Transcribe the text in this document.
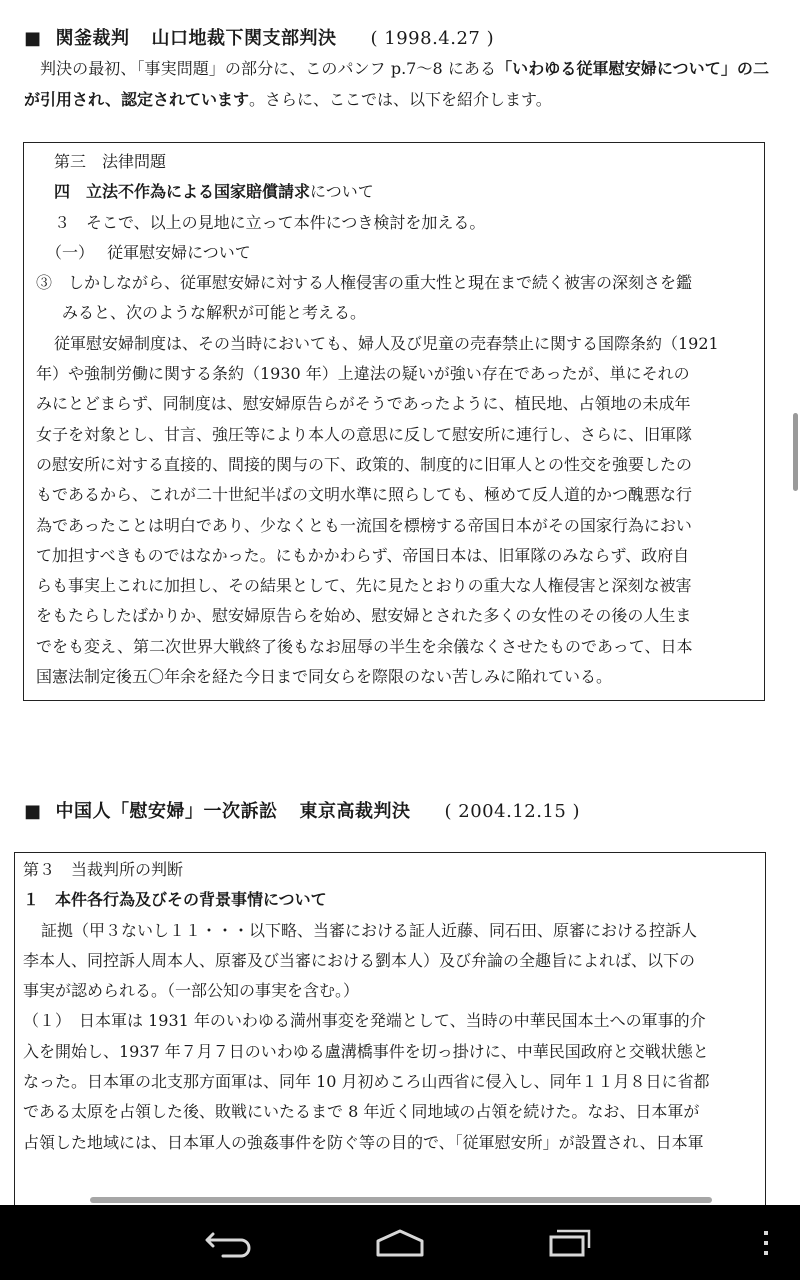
■ 関釜裁判 山口地裁下関支部判決 ( 1998.4.27 )
判決の最初、「事実問題」の部分に、このパンフ p.7〜8 にある「いわゆる従軍慰安婦について」の二　が引用され、認定されています。さらに、ここでは、以下を紹介します。
第三　法律問題
四　立法不作為による国家賠償請求について
３　そこで、以上の見地に立って本件につき検討を加える。
（一）　 従軍慰安婦について
③　しかしながら、従軍慰安婦に対する人権侵害の重大性と現在まで続く被害の深刻さを鑑
みると、次のような解釈が可能と考える。
従軍慰安婦制度は、その当時においても、婦人及び児童の売春禁止に関する国際条約（1921
年）や強制労働に関する条約（1930 年）上違法の疑いが強い存在であったが、単にそれの
みにとどまらず、同制度は、慰安婦原告らがそうであったように、植民地、占領地の未成年
女子を対象とし、甘言、強圧等により本人の意思に反して慰安所に連行し、さらに、旧軍隊
の慰安所に対する直接的、間接的関与の下、政策的、制度的に旧軍人との性交を強要したの
もであるから、これが二十世紀半ばの文明水準に照らしても、極めて反人道的かつ醜悪な行
為であったことは明白であり、少なくとも一流国を標榜する帝国日本がその国家行為におい
て加担すべきものではなかった。にもかかわらず、帝国日本は、旧軍隊のみならず、政府自
らも事実上これに加担し、その結果として、先に見たとおりの重大な人権侵害と深刻な被害
をもたらしたばかりか、慰安婦原告らを始め、慰安婦とされた多くの女性のその後の人生ま
でをも変え、第二次世界大戦終了後もなお屈辱の半生を余儀なくさせたものであって、日本
国憲法制定後五〇年余を経た今日まで同女らを際限のない苦しみに陥れている。
■ 中国人「慰安婦」一次訴訟 東京高裁判決 ( 2004.12.15 )
第３　当裁判所の判断
１　本件各行為及びその背景事情について
証拠（甲３ないし１１・・・以下略、当審における証人近藤、同石田、原審における控訴人
李本人、同控訴人周本人、原審及び当審における劉本人）及び弁論の全趣旨によれば、以下の
事実が認められる。（一部公知の事実を含む。）
（１）　日本軍は 1931 年のいわゆる満州事変を発端として、当時の中華民国本土への軍事的介
入を開始し、1937 年７月７日のいわゆる盧溝橋事件を切っ掛けに、中華民国政府と交戦状態と
なった。日本軍の北支那方面軍は、同年 10 月初めころ山西省に侵入し、同年１１月８日に省都
である太原を占領した後、敗戦にいたるまで 8 年近く同地域の占領を続けた。なお、日本軍が
占領した地域には、日本軍人の強姦事件を防ぐ等の目的で、「従軍慰安所」が設置され、日本軍
